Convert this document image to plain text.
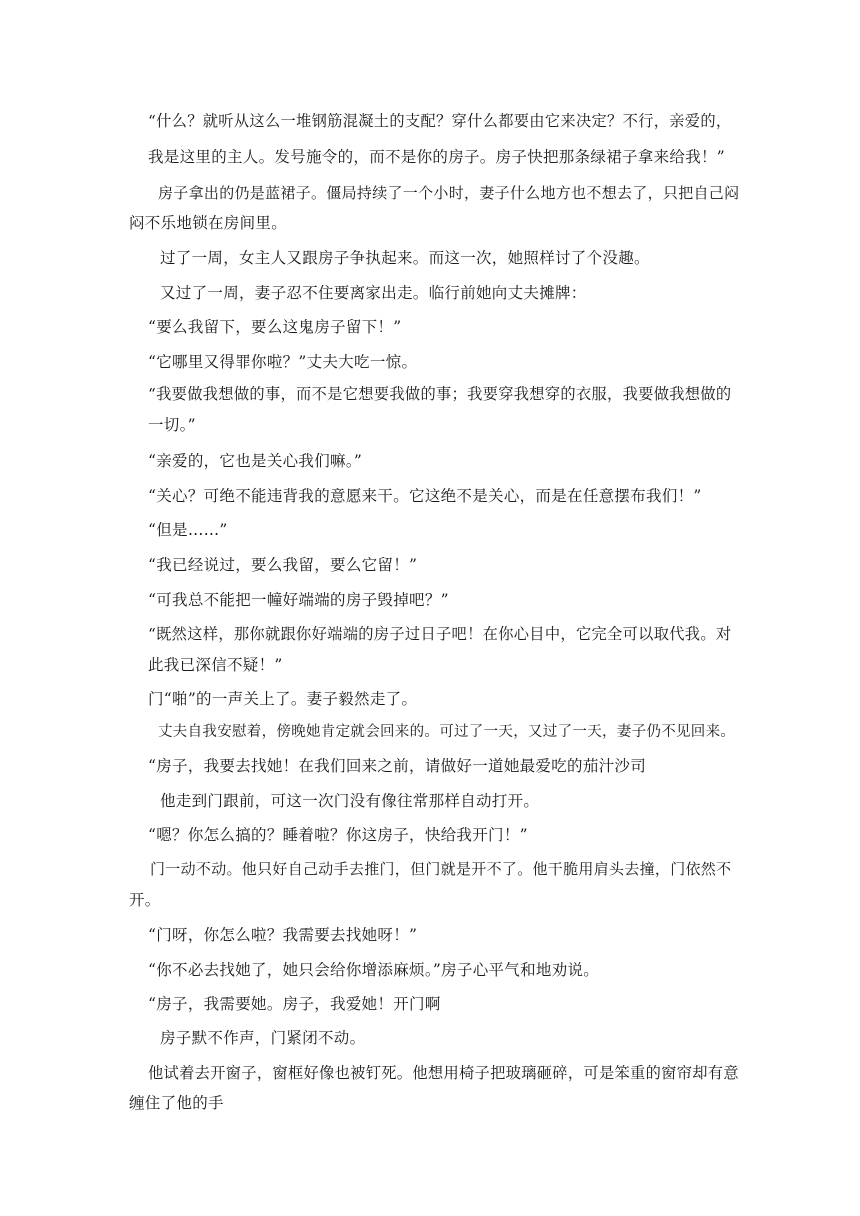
“什么？就听从这么一堆钢筋混凝土的支配？穿什么都要由它来决定？不行，亲爱的，
我是这里的主人。发号施令的，而不是你的房子。房子快把那条绿裙子拿来给我！”
房子拿出的仍是蓝裙子。僵局持续了一个小时，妻子什么地方也不想去了，只把自己闷
闷不乐地锁在房间里。
过了一周，女主人又跟房子争执起来。而这一次，她照样讨了个没趣。
又过了一周，妻子忍不住要离家出走。临行前她向丈夫摊牌：
“要么我留下，要么这鬼房子留下！”
“它哪里又得罪你啦？”丈夫大吃一惊。
“我要做我想做的事，而不是它想要我做的事；我要穿我想穿的衣服，我要做我想做的
一切。”
“亲爱的，它也是关心我们嘛。”
“关心？可绝不能违背我的意愿来干。它这绝不是关心，而是在任意摆布我们！”
“但是……”
“我已经说过，要么我留，要么它留！”
“可我总不能把一幢好端端的房子毁掉吧？”
“既然这样，那你就跟你好端端的房子过日子吧！在你心目中，它完全可以取代我。对
此我已深信不疑！”
门“啪”的一声关上了。妻子毅然走了。
丈夫自我安慰着，傍晚她肯定就会回来的。可过了一天，又过了一天，妻子仍不见回来。
“房子，我要去找她！在我们回来之前，请做好一道她最爱吃的茄汁沙司
他走到门跟前，可这一次门没有像往常那样自动打开。
“嗯？你怎么搞的？睡着啦？你这房子，快给我开门！”
门一动不动。他只好自己动手去推门，但门就是开不了。他干脆用肩头去撞，门依然不
开。
“门呀，你怎么啦？我需要去找她呀！”
“你不必去找她了，她只会给你增添麻烦。”房子心平气和地劝说。
“房子，我需要她。房子，我爱她！开门啊
房子默不作声，门紧闭不动。
他试着去开窗子，窗框好像也被钉死。他想用椅子把玻璃砸碎，可是笨重的窗帘却有意
缠住了他的手
